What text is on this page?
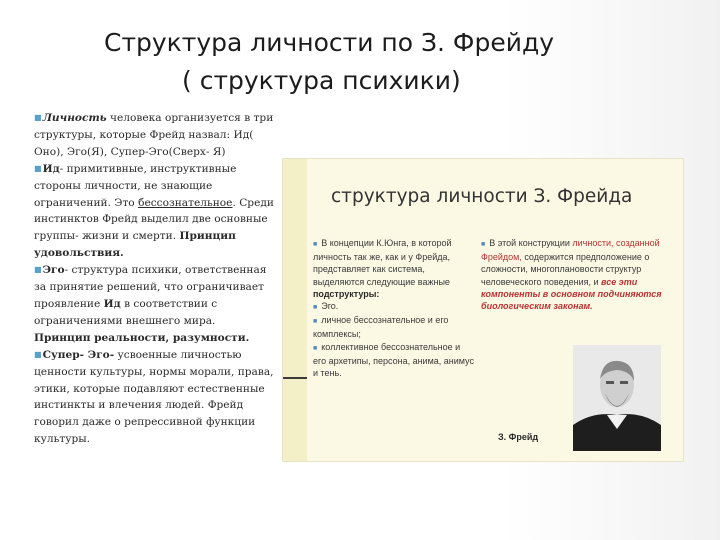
Структура личности по З. Фрейду
( структура психики)

■Личность человека организуется в три структуры, которые Фрейд назвал: Ид( Оно), Эго(Я), Супер-Эго(Сверх- Я)

■Ид- примитивные, инструктивные стороны личности, не знающие ограничений. Это бессознательное. Среди инстинктов Фрейд выделил две основные группы- жизни и смерти. Принцип удовольствия.

■Эго- структура психики, ответственная за принятие решений, что ограничивает проявление Ид в соответствии с ограничениями внешнего мира. Принцип реальности, разумности.

■Супер- Эго- усвоенные личностью ценности культуры, нормы морали, права, этики, которые подавляют естественные инстинкты и влечения людей. Фрейд говорил даже о репрессивной функции культуры.

структура личности З. Фрейда

■ В концепции К.Юнга, в которой личность так же, как и у Фрейда, представляет как система, выделяются следующие важные подструктуры:

■ Эго.

■ личное бессознательное и его комплексы;

■ коллективное бессознательное и его архетипы, персона, анима, анимус и тень.

■ В этой конструкции личности, созданной Фрейдом, содержится предположение о сложности, многоплановости структур человеческого поведения, и все эти компоненты в основном подчиняются биологическим законам.

З. Фрейд
